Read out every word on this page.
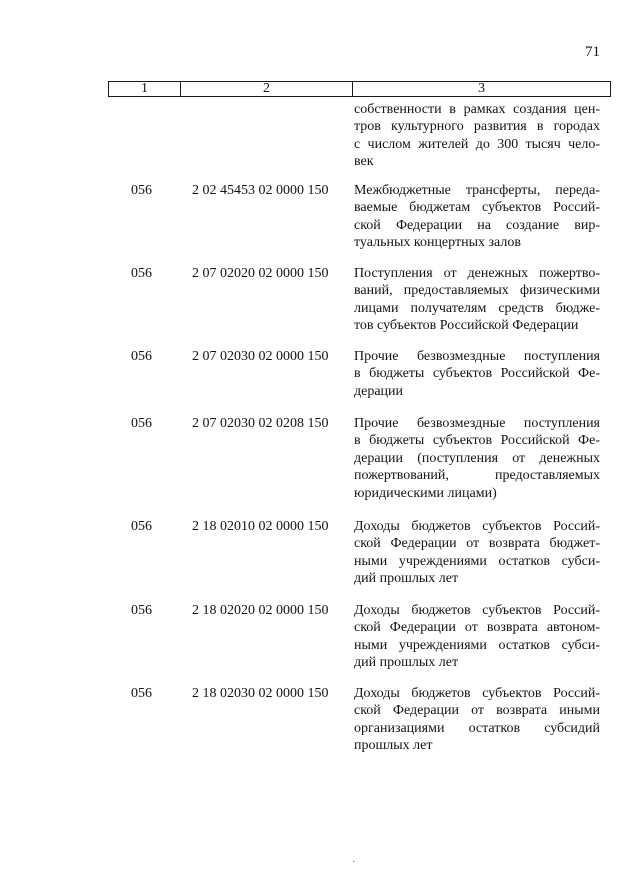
71
1	2	3
собственности в рамках создания цен-
тров культурного развития в городах
с числом жителей до 300 тысяч чело-
век
056	2 02 45453 02 0000 150 Межбюджетные трансферты, переда-
ваемые бюджетам субъектов Россий-
ской Федерации на создание вир-
туальных концертных залов
056	2 07 02020 02 0000 150 Поступления от денежных пожертво-
ваний, предоставляемых физическими
лицами получателям средств бюдже-
тов субъектов Российской Федерации
056	2 07 02030 02 0000 150 Прочие безвозмездные поступления
в бюджеты субъектов Российской Фе-
дерации
056	2 07 02030 02 0208 150 Прочие безвозмездные поступления
в бюджеты субъектов Российской Фе-
дерации (поступления от денежных
пожертвований, предоставляемых
юридическими лицами)
056	2 18 02010 02 0000 150 Доходы бюджетов субъектов Россий-
ской Федерации от возврата бюджет-
ными учреждениями остатков субси-
дий прошлых лет
056	2 18 02020 02 0000 150 Доходы бюджетов субъектов Россий-
ской Федерации от возврата автоном-
ными учреждениями остатков субси-
дий прошлых лет
056	2 18 02030 02 0000 150 Доходы бюджетов субъектов Россий-
ской Федерации от возврата иными
организациями остатков субсидий
прошлых лет
·
